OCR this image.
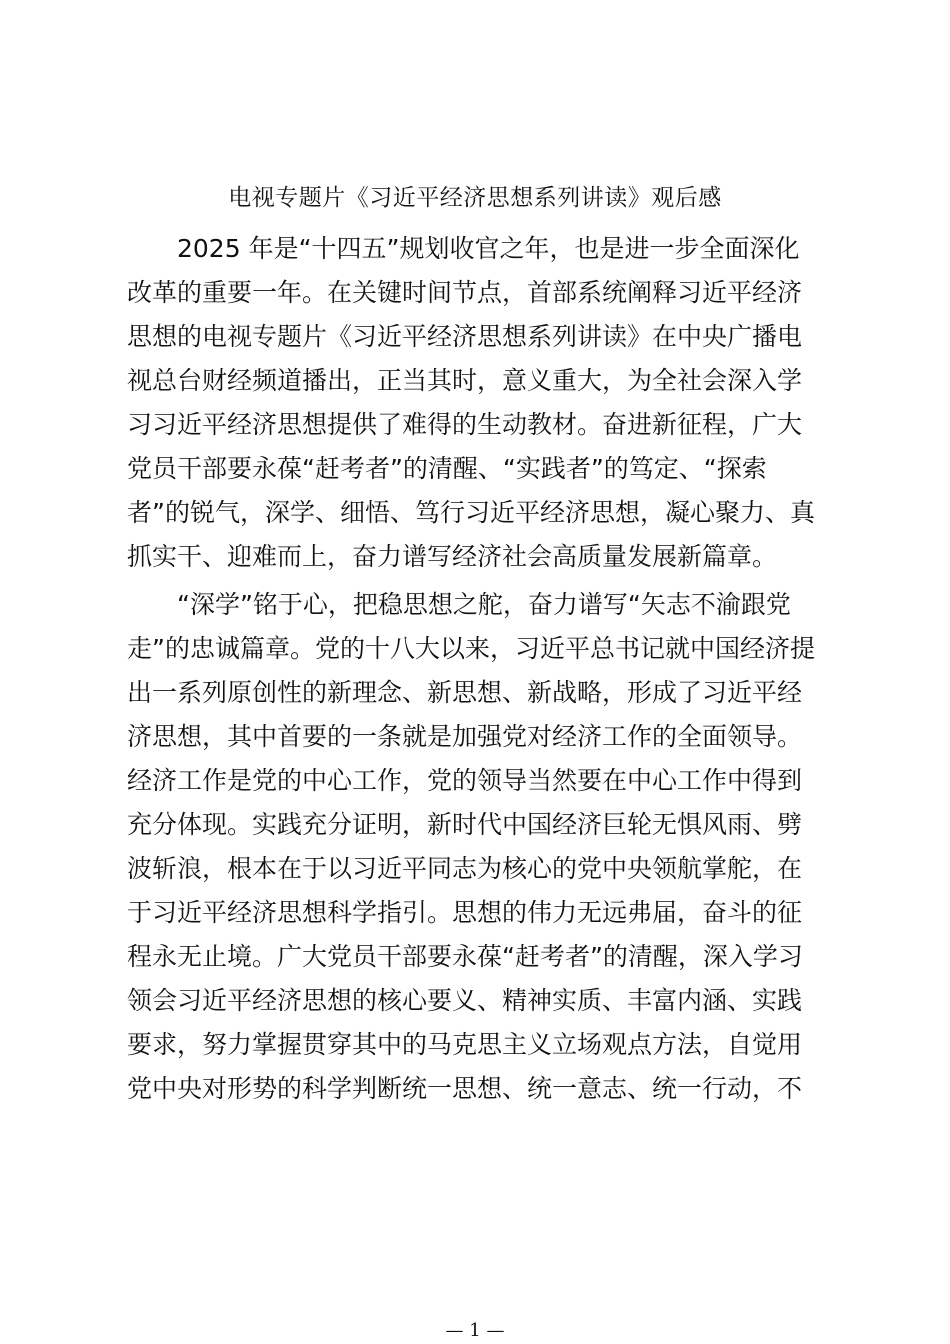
电视专题片《习近平经济思想系列讲读》观后感
　　2025 年是“十四五”规划收官之年，也是进一步全面深化
改革的重要一年。在关键时间节点，首部系统阐释习近平经济
思想的电视专题片《习近平经济思想系列讲读》在中央广播电
视总台财经频道播出，正当其时，意义重大，为全社会深入学
习习近平经济思想提供了难得的生动教材。奋进新征程，广大
党员干部要永葆“赶考者”的清醒、“实践者”的笃定、“探索
者”的锐气，深学、细悟、笃行习近平经济思想，凝心聚力、真
抓实干、迎难而上，奋力谱写经济社会高质量发展新篇章。
　　“深学”铭于心，把稳思想之舵，奋力谱写“矢志不渝跟党
走”的忠诚篇章。党的十八大以来，习近平总书记就中国经济提
出一系列原创性的新理念、新思想、新战略，形成了习近平经
济思想，其中首要的一条就是加强党对经济工作的全面领导。
经济工作是党的中心工作，党的领导当然要在中心工作中得到
充分体现。实践充分证明，新时代中国经济巨轮无惧风雨、劈
波斩浪，根本在于以习近平同志为核心的党中央领航掌舵，在
于习近平经济思想科学指引。思想的伟力无远弗届，奋斗的征
程永无止境。广大党员干部要永葆“赶考者”的清醒，深入学习
领会习近平经济思想的核心要义、精神实质、丰富内涵、实践
要求，努力掌握贯穿其中的马克思主义立场观点方法，自觉用
党中央对形势的科学判断统一思想、统一意志、统一行动，不
— 1 —
